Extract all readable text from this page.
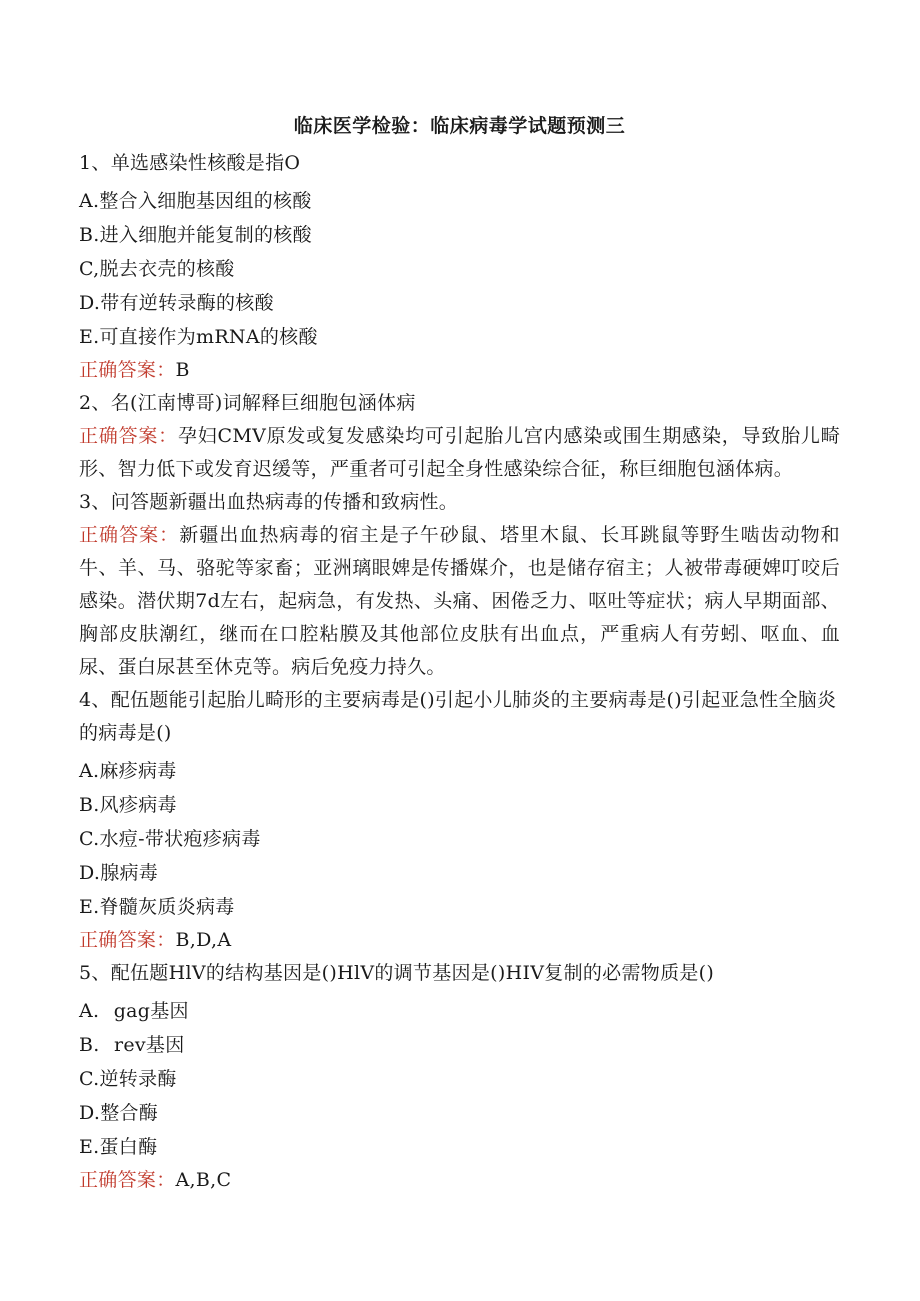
临床医学检验：临床病毒学试题预测三

1、单选感染性核酸是指O

A.整合入细胞基因组的核酸

B.进入细胞并能复制的核酸

C,脱去衣壳的核酸

D.带有逆转录酶的核酸

E.可直接作为mRNA的核酸

正确答案：B

2、名(江南博哥)词解释巨细胞包涵体病

正确答案：孕妇CMV原发或复发感染均可引起胎儿宫内感染或围生期感染，导致胎儿畸形、智力低下或发育迟缓等，严重者可引起全身性感染综合征，称巨细胞包涵体病。

3、问答题新疆出血热病毒的传播和致病性。

正确答案：新疆出血热病毒的宿主是子午砂鼠、塔里木鼠、长耳跳鼠等野生啮齿动物和牛、羊、马、骆驼等家畜；亚洲璃眼婢是传播媒介，也是储存宿主；人被带毒硬婢叮咬后感染。潜伏期7d左右，起病急，有发热、头痛、困倦乏力、呕吐等症状；病人早期面部、胸部皮肤潮红，继而在口腔粘膜及其他部位皮肤有出血点，严重病人有劳蚓、呕血、血尿、蛋白尿甚至休克等。病后免疫力持久。

4、配伍题能引起胎儿畸形的主要病毒是()引起小儿肺炎的主要病毒是()引起亚急性全脑炎的病毒是()

A.麻疹病毒

B.风疹病毒

C.水痘-带状疱疹病毒

D.腺病毒

E.脊髓灰质炎病毒

正确答案：B,D,A

5、配伍题HlV的结构基因是()HlV的调节基因是()HIV复制的必需物质是()

A. gag基因

B. rev基因

C.逆转录酶

D.整合酶

E.蛋白酶

正确答案：A,B,C
